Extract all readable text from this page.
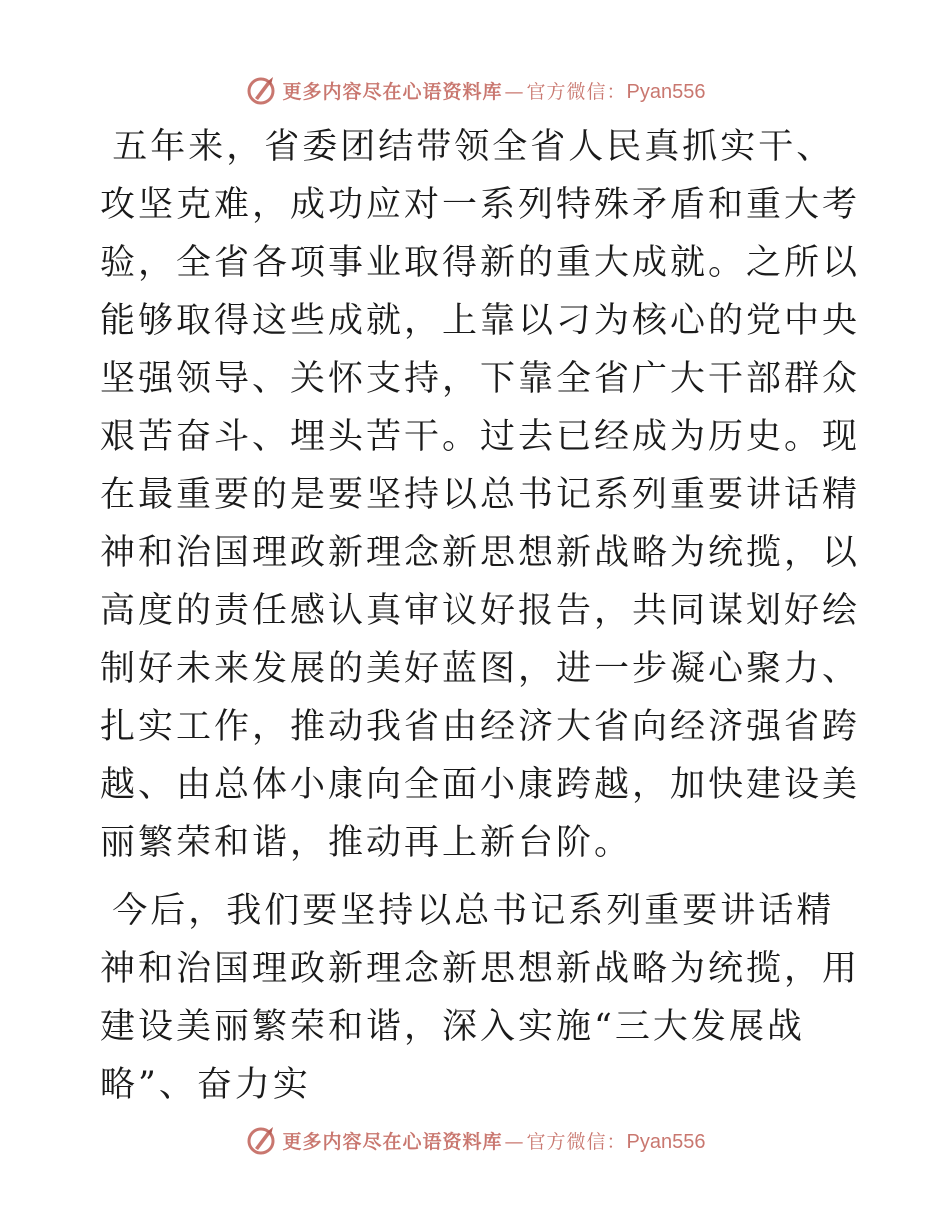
更多内容尽在心语资料库 — 官方微信： Pyan556

五年来，省委团结带领全省人民真抓实干、攻坚克难，成功应对一系列特殊矛盾和重大考验，全省各项事业取得新的重大成就。之所以能够取得这些成就，上靠以刁为核心的党中央坚强领导、关怀支持，下靠全省广大干部群众艰苦奋斗、埋头苦干。过去已经成为历史。现在最重要的是要坚持以总书记系列重要讲话精神和治国理政新理念新思想新战略为统揽，以高度的责任感认真审议好报告，共同谋划好绘制好未来发展的美好蓝图，进一步凝心聚力、扎实工作，推动我省由经济大省向经济强省跨越、由总体小康向全面小康跨越，加快建设美丽繁荣和谐，推动再上新台阶。

今后，我们要坚持以总书记系列重要讲话精神和治国理政新理念新思想新战略为统揽，用建设美丽繁荣和谐，深入实施“三大发展战略”、奋力实

更多内容尽在心语资料库 — 官方微信： Pyan556
